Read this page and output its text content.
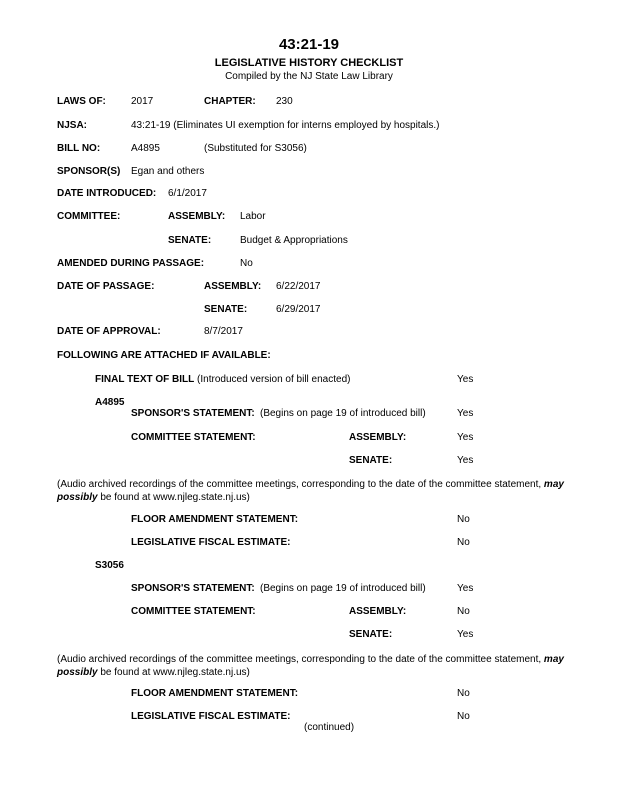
43:21-19
LEGISLATIVE HISTORY CHECKLIST
Compiled by the NJ State Law Library
LAWS OF:	2017	CHAPTER: 230
NJSA:	43:21-19 (Eliminates UI exemption for interns employed by hospitals.)
BILL NO:	A4895	(Substituted for S3056)
SPONSOR(S) Egan and others
DATE INTRODUCED: 6/1/2017
COMMITTEE:	ASSEMBLY: Labor
SENATE:	Budget & Appropriations
AMENDED DURING PASSAGE:	No
DATE OF PASSAGE:	ASSEMBLY: 6/22/2017
SENATE:	6/29/2017
DATE OF APPROVAL:	8/7/2017
FOLLOWING ARE ATTACHED IF AVAILABLE:
FINAL TEXT OF BILL (Introduced version of bill enacted)	Yes
A4895
SPONSOR'S STATEMENT: (Begins on page 19 of introduced bill)	Yes
COMMITTEE STATEMENT:	ASSEMBLY:	Yes
SENATE:	Yes
(Audio archived recordings of the committee meetings, corresponding to the date of the committee statement, may possibly be found at www.njleg.state.nj.us)
FLOOR AMENDMENT STATEMENT:	No
LEGISLATIVE FISCAL ESTIMATE:	No
S3056
SPONSOR'S STATEMENT: (Begins on page 19 of introduced bill)	Yes
COMMITTEE STATEMENT:	ASSEMBLY:	No
SENATE:	Yes
(Audio archived recordings of the committee meetings, corresponding to the date of the committee statement, may possibly be found at www.njleg.state.nj.us)
FLOOR AMENDMENT STATEMENT:	No
LEGISLATIVE FISCAL ESTIMATE:	No
(continued)
